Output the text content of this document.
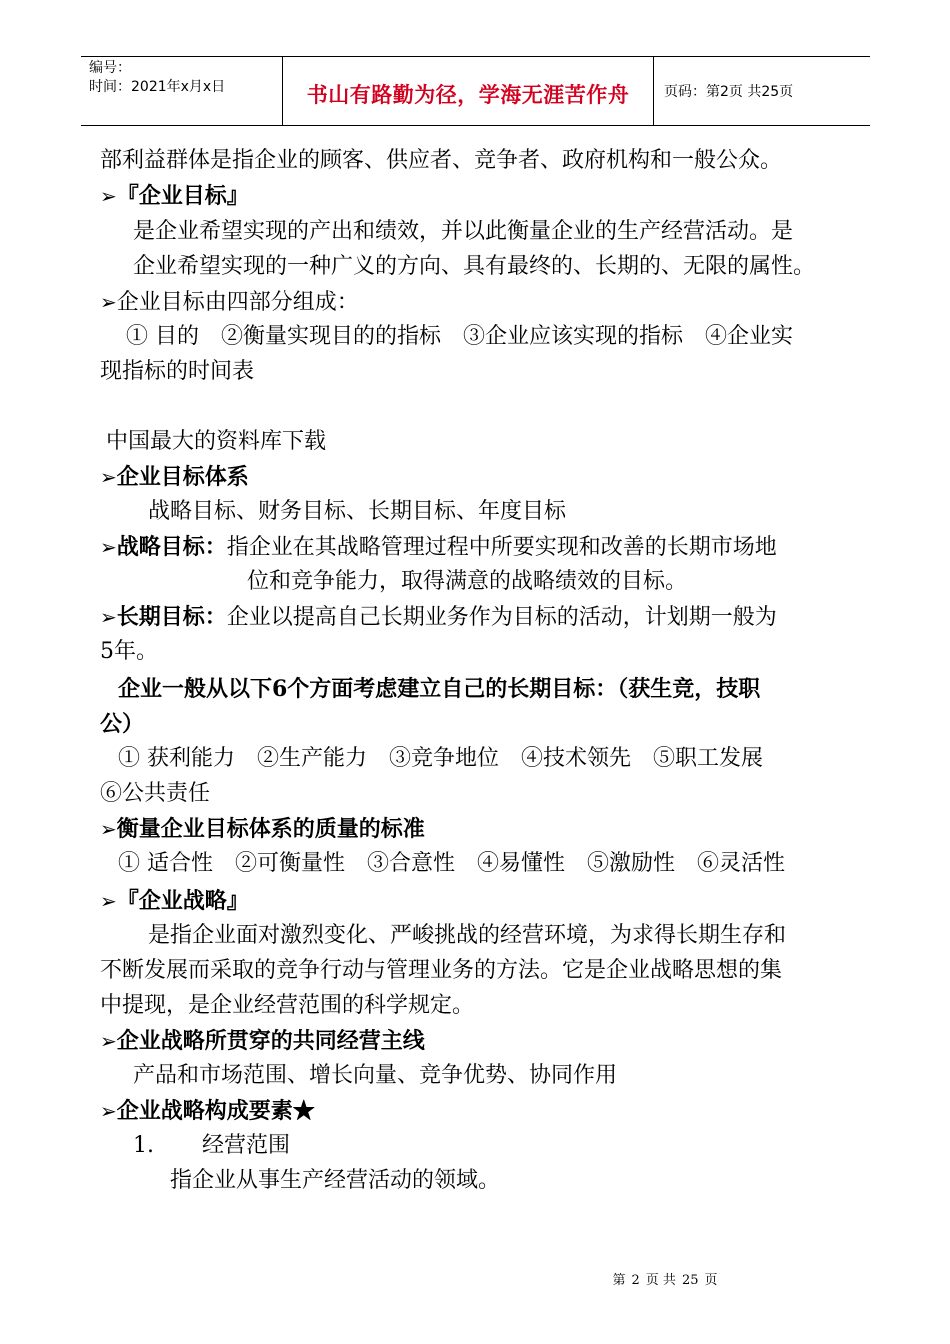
编号：
时间：2021年x月x日	书山有路勤为径，学海无涯苦作舟	页码：第2页 共25页
部利益群体是指企业的顾客、供应者、竞争者、政府机构和一般公众。
➢『企业目标』
是企业希望实现的产出和绩效，并以此衡量企业的生产经营活动。是
企业希望实现的一种广义的方向、具有最终的、长期的、无限的属性。
➢企业目标由四部分组成：
① 目的　②衡量实现目的的指标　③企业应该实现的指标　④企业实
现指标的时间表
中国最大的资料库下载
➢企业目标体系
战略目标、财务目标、长期目标、年度目标
➢战略目标：指企业在其战略管理过程中所要实现和改善的长期市场地
位和竞争能力，取得满意的战略绩效的目标。
➢长期目标：企业以提高自己长期业务作为目标的活动，计划期一般为
5年。
企业一般从以下6个方面考虑建立自己的长期目标：（获生竞，技职
公）
① 获利能力　②生产能力　③竞争地位　④技术领先　⑤职工发展
⑥公共责任
➢衡量企业目标体系的质量的标准
① 适合性　②可衡量性　③合意性　④易懂性　⑤激励性　⑥灵活性
➢『企业战略』
是指企业面对激烈变化、严峻挑战的经营环境，为求得长期生存和
不断发展而采取的竞争行动与管理业务的方法。它是企业战略思想的集
中提现，是企业经营范围的科学规定。
➢企业战略所贯穿的共同经营主线
产品和市场范围、增长向量、竞争优势、协同作用
➢企业战略构成要素★
1. 经营范围
指企业从事生产经营活动的领域。
第 2 页 共 25 页
